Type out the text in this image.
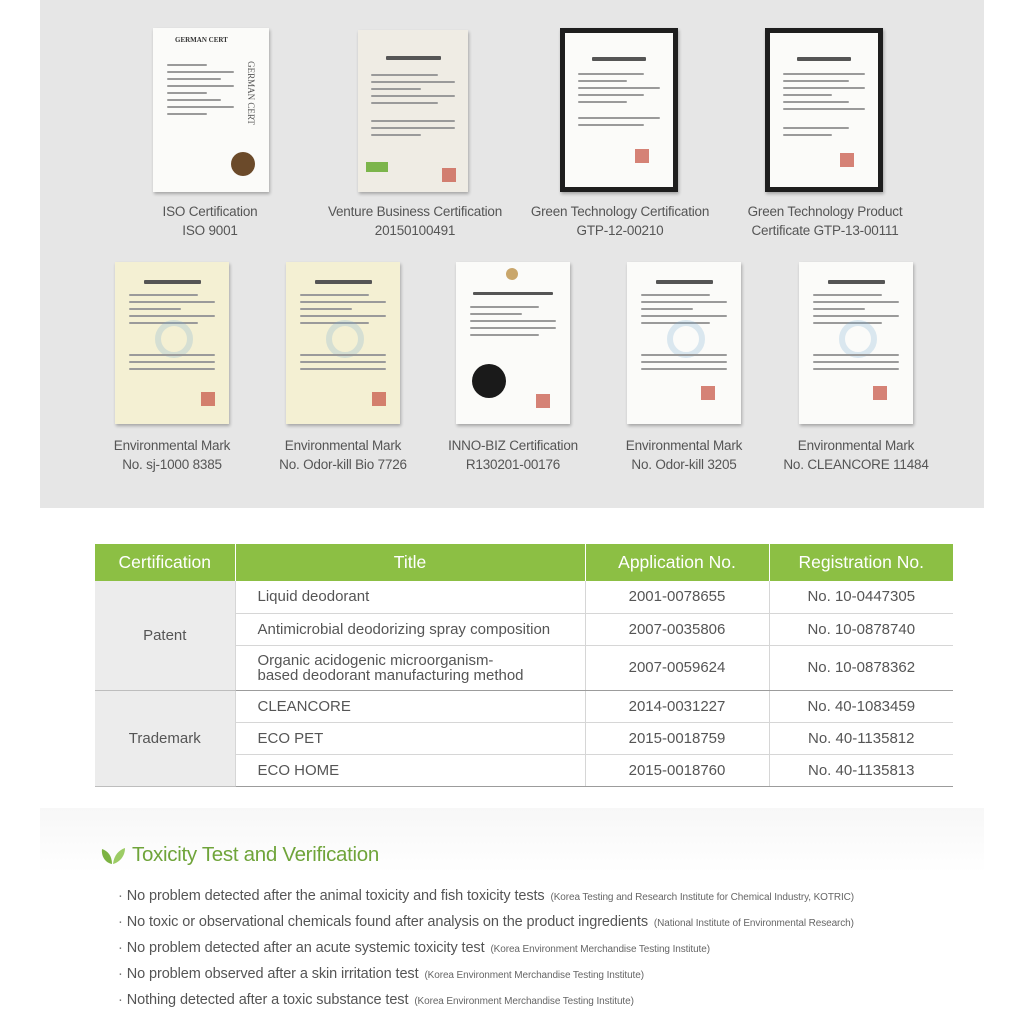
GERMAN CERT
GERMAN CERT
ISO Certification
ISO 9001
Venture Business Certification
20150100491
Green Technology Certification
GTP-12-00210
Green Technology Product
Certificate GTP-13-00111
Environmental Mark
No. sj-1000 8385
Environmental Mark
No. Odor-kill Bio 7726
INNO-BIZ Certification
R130201-00176
Environmental Mark
No. Odor-kill 3205
Environmental Mark
No. CLEANCORE 11484
Certification	Title	Application No.	Registration No.
Patent	Liquid deodorant	2001-0078655	No. 10-0447305
	Antimicrobial deodorizing spray composition	2007-0035806	No. 10-0878740
	Organic acidogenic microorganism-based deodorant manufacturing method	2007-0059624	No. 10-0878362
Trademark	CLEANCORE	2014-0031227	No. 40-1083459
	ECO PET	2015-0018759	No. 40-1135812
	ECO HOME	2015-0018760	No. 40-1135813
Toxicity Test and Verification
· No problem detected after the animal toxicity and fish toxicity tests (Korea Testing and Research Institute for Chemical Industry, KOTRIC)
· No toxic or observational chemicals found after analysis on the product ingredients (National Institute of Environmental Research)
· No problem detected after an acute systemic toxicity test (Korea Environment Merchandise Testing Institute)
· No problem observed after a skin irritation test (Korea Environment Merchandise Testing Institute)
· Nothing detected after a toxic substance test (Korea Environment Merchandise Testing Institute)
